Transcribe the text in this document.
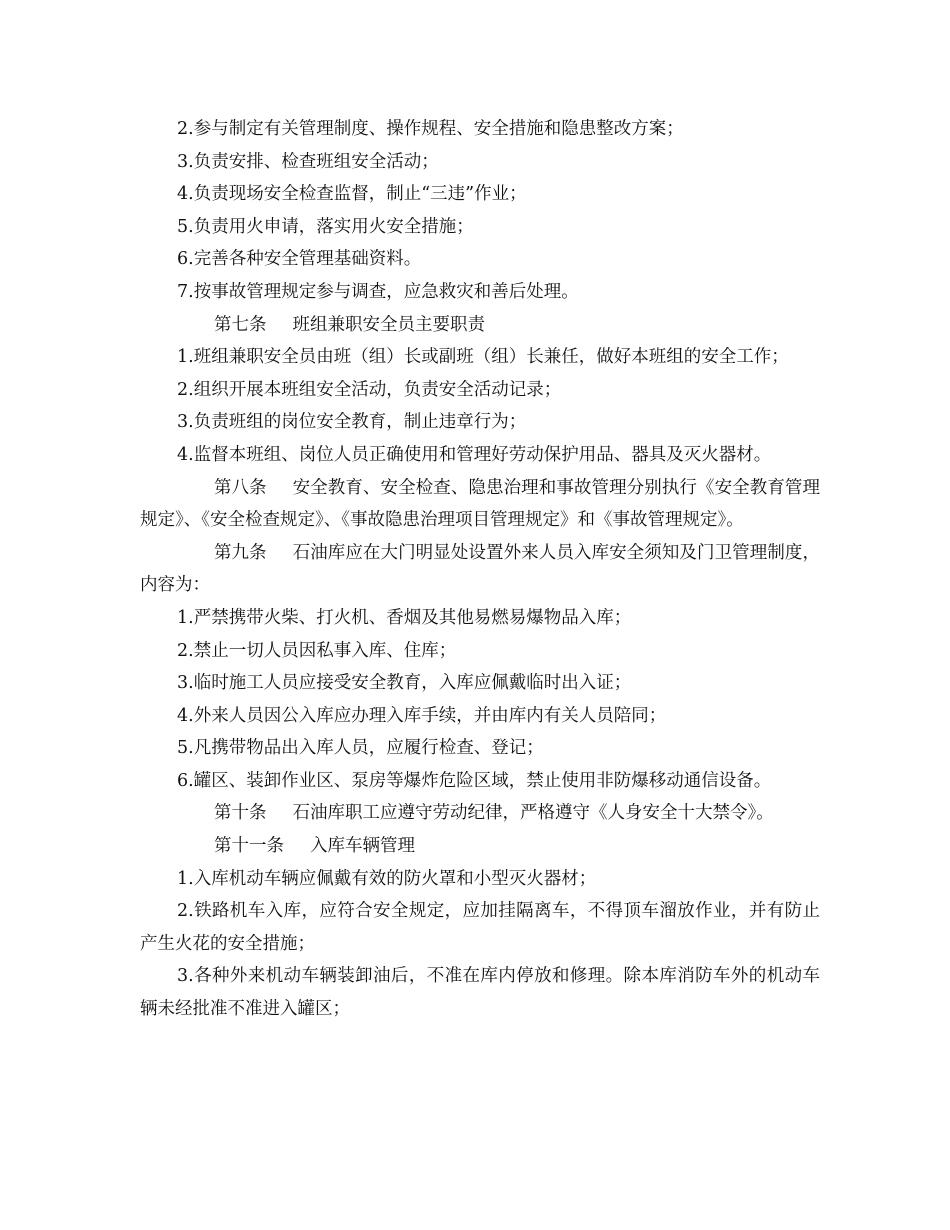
2.参与制定有关管理制度、操作规程、安全措施和隐患整改方案；

3.负责安排、检查班组安全活动；

4.负责现场安全检查监督，制止“三违”作业；

5.负责用火申请，落实用火安全措施；

6.完善各种安全管理基础资料。

7.按事故管理规定参与调查，应急救灾和善后处理。

第七条 班组兼职安全员主要职责

1.班组兼职安全员由班（组）长或副班（组）长兼任，做好本班组的安全工作；

2.组织开展本班组安全活动，负责安全活动记录；

3.负责班组的岗位安全教育，制止违章行为；

4.监督本班组、岗位人员正确使用和管理好劳动保护用品、器具及灭火器材。

第八条 安全教育、安全检查、隐患治理和事故管理分别执行《安全教育管理规定》、《安全检查规定》、《事故隐患治理项目管理规定》和《事故管理规定》。

第九条 石油库应在大门明显处设置外来人员入库安全须知及门卫管理制度，内容为：

1.严禁携带火柴、打火机、香烟及其他易燃易爆物品入库；

2.禁止一切人员因私事入库、住库；

3.临时施工人员应接受安全教育，入库应佩戴临时出入证；

4.外来人员因公入库应办理入库手续，并由库内有关人员陪同；

5.凡携带物品出入库人员，应履行检查、登记；

6.罐区、装卸作业区、泵房等爆炸危险区域，禁止使用非防爆移动通信设备。

第十条 石油库职工应遵守劳动纪律，严格遵守《人身安全十大禁令》。

第十一条 入库车辆管理

1.入库机动车辆应佩戴有效的防火罩和小型灭火器材；

2.铁路机车入库，应符合安全规定，应加挂隔离车，不得顶车溜放作业，并有防止产生火花的安全措施；

3.各种外来机动车辆装卸油后，不准在库内停放和修理。除本库消防车外的机动车辆未经批准不准进入罐区；
